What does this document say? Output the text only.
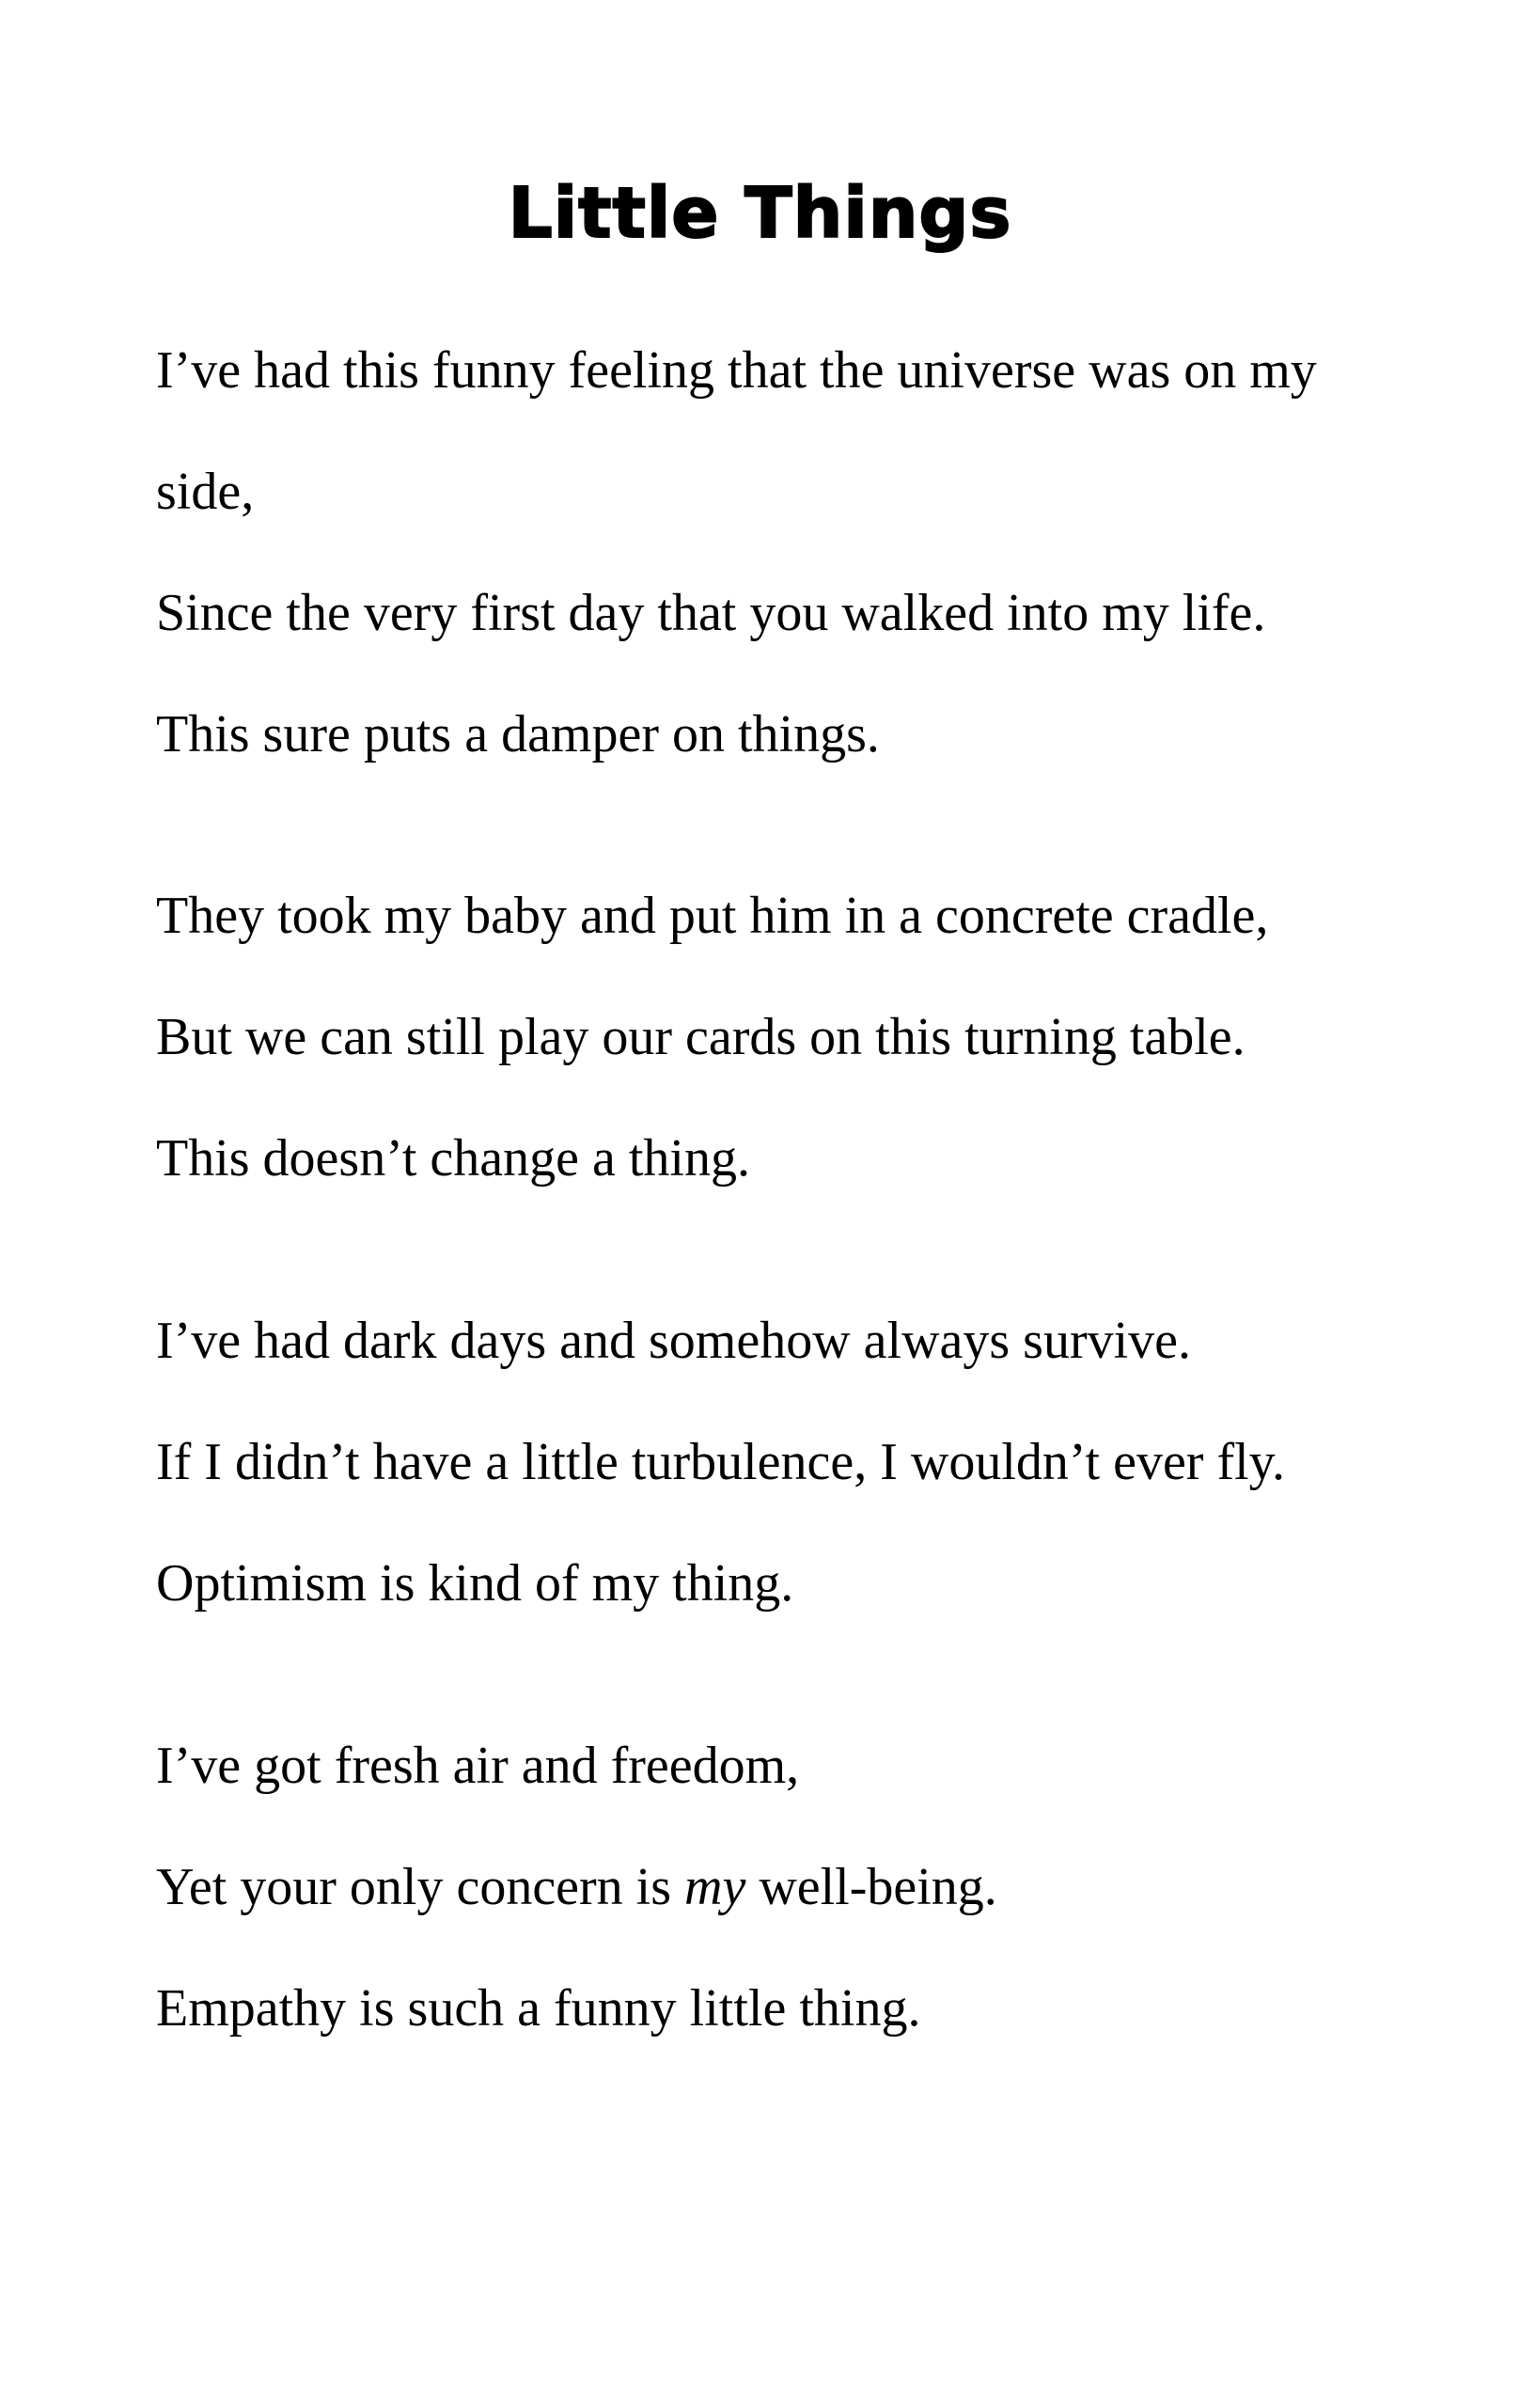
Little Things
I’ve had this funny feeling that the universe was on my
side,
Since the very first day that you walked into my life.
This sure puts a damper on things.
They took my baby and put him in a concrete cradle,
But we can still play our cards on this turning table.
This doesn’t change a thing.
I’ve had dark days and somehow always survive.
If I didn’t have a little turbulence, I wouldn’t ever fly.
Optimism is kind of my thing.
I’ve got fresh air and freedom,
Yet your only concern is my well-being.
Empathy is such a funny little thing.
